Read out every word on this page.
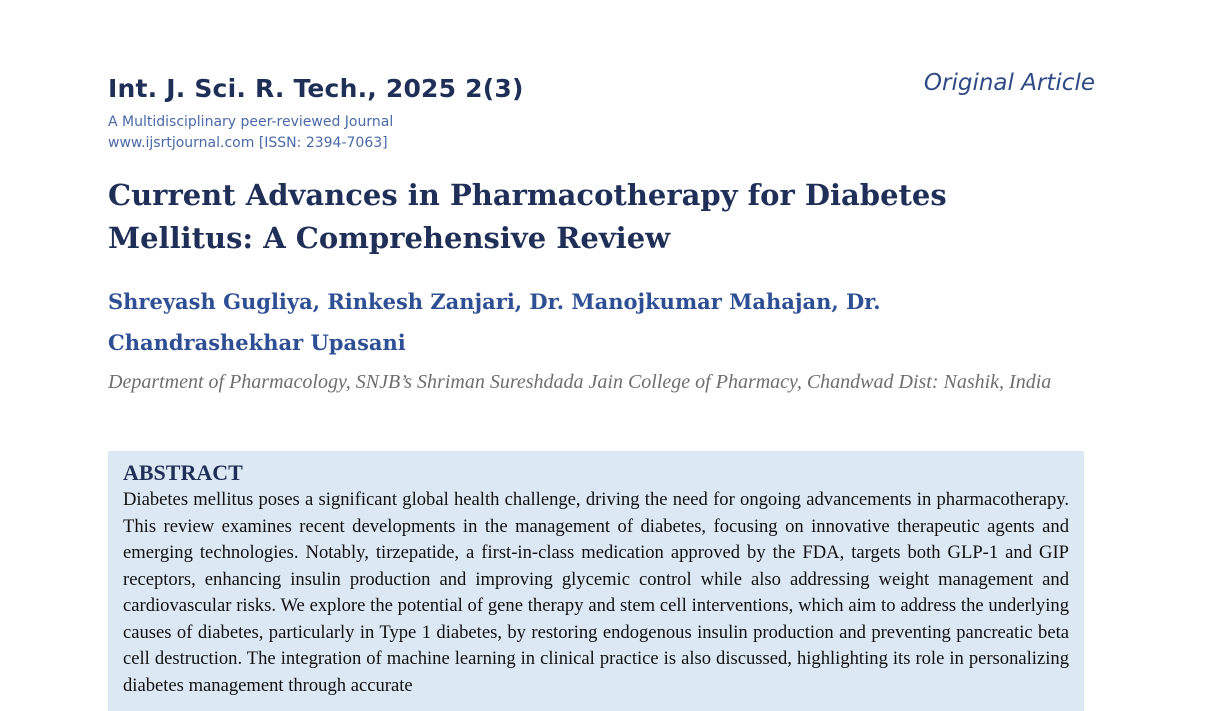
Int. J. Sci. R. Tech., 2025 2(3)	Original Article
A Multidisciplinary peer-reviewed Journal
www.ijsrtjournal.com [ISSN: 2394-7063]
Current Advances in Pharmacotherapy for Diabetes Mellitus: A Comprehensive Review
Shreyash Gugliya, Rinkesh Zanjari, Dr. Manojkumar Mahajan, Dr. Chandrashekhar Upasani
Department of Pharmacology, SNJB’s Shriman Sureshdada Jain College of Pharmacy, Chandwad Dist: Nashik, India
ABSTRACT

Diabetes mellitus poses a significant global health challenge, driving the need for ongoing advancements in pharmacotherapy. This review examines recent developments in the management of diabetes, focusing on innovative therapeutic agents and emerging technologies. Notably, tirzepatide, a first-in-class medication approved by the FDA, targets both GLP-1 and GIP receptors, enhancing insulin production and improving glycemic control while also addressing weight management and cardiovascular risks. We explore the potential of gene therapy and stem cell interventions, which aim to address the underlying causes of diabetes, particularly in Type 1 diabetes, by restoring endogenous insulin production and preventing pancreatic beta cell destruction. The integration of machine learning in clinical practice is also discussed, highlighting its role in personalizing diabetes management through accurate
